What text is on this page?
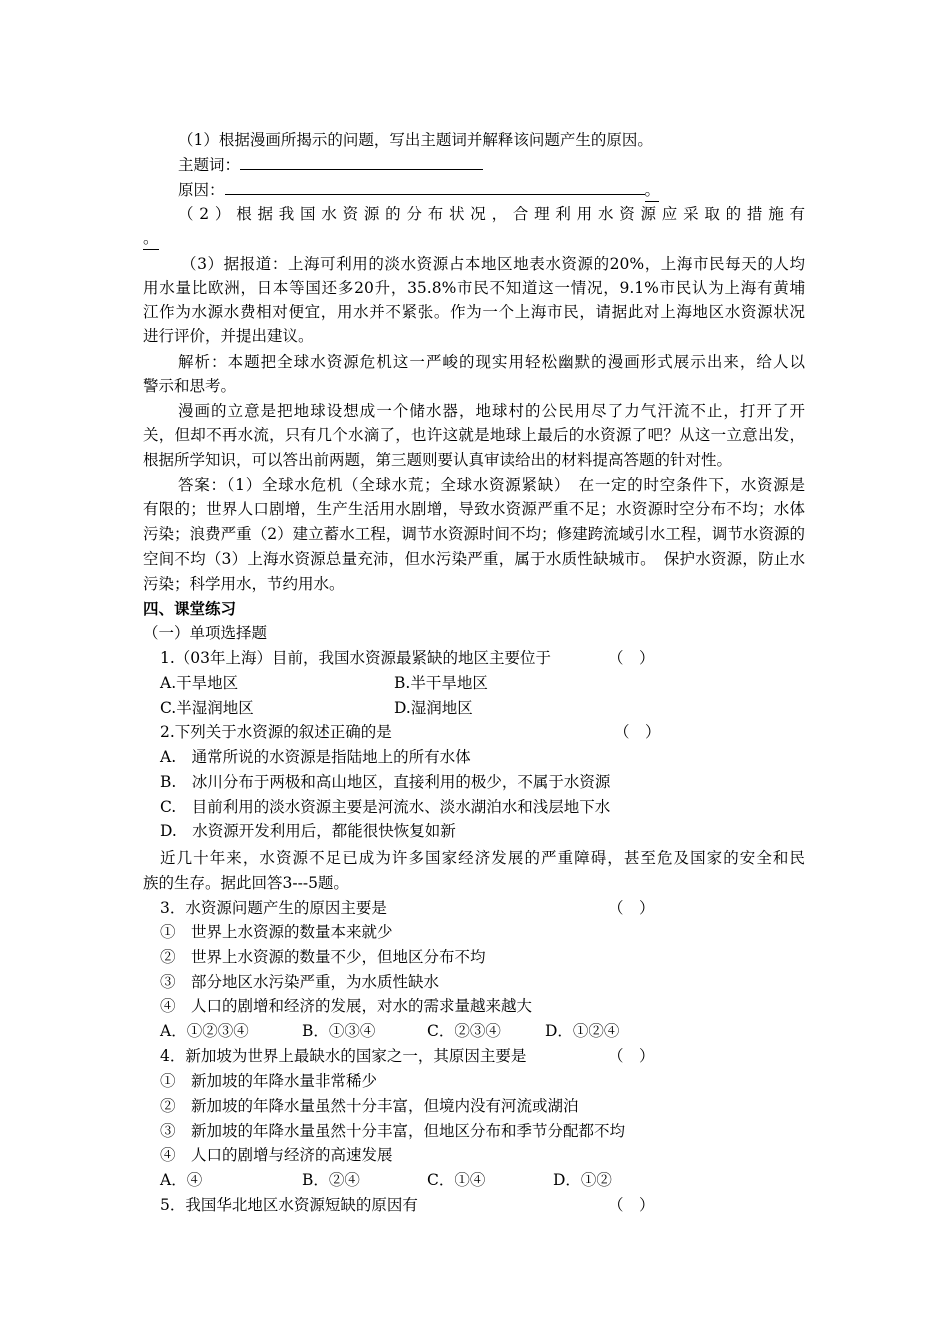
（1）根据漫画所揭示的问题，写出主题词并解释该问题产生的原因。
主题词：
原因：	。
（2）根据我国水资源的分布状况，合理利用水资源应采取的措施有
。
（3）据报道：上海可利用的淡水资源占本地区地表水资源的20%，上海市民每天的人均
用水量比欧洲，日本等国还多20升，35.8%市民不知道这一情况，9.1%市民认为上海有黄埔
江作为水源水费相对便宜，用水并不紧张。作为一个上海市民，请据此对上海地区水资源状况
进行评价，并提出建议。
解析：本题把全球水资源危机这一严峻的现实用轻松幽默的漫画形式展示出来，给人以
警示和思考。
漫画的立意是把地球设想成一个储水器，地球村的公民用尽了力气汗流不止，打开了开
关，但却不再水流，只有几个水滴了，也许这就是地球上最后的水资源了吧？从这一立意出发，
根据所学知识，可以答出前两题，第三题则要认真审读给出的材料提高答题的针对性。
答案：（1）全球水危机（全球水荒；全球水资源紧缺）　在一定的时空条件下，水资源是
有限的；世界人口剧增，生产生活用水剧增，导致水资源严重不足；水资源时空分布不均；水体
污染；浪费严重（2）建立蓄水工程，调节水资源时间不均；修建跨流域引水工程，调节水资源的
空间不均（3）上海水资源总量充沛，但水污染严重，属于水质性缺城市。　保护水资源，防止水
污染；科学用水，节约用水。
四、课堂练习
（一）单项选择题
1.（03年上海）目前，我国水资源最紧缺的地区主要位于	（　）
A.干旱地区	B.半干旱地区
C.半湿润地区	D.湿润地区
2.下列关于水资源的叙述正确的是	（　）
A.　通常所说的水资源是指陆地上的所有水体
B.　冰川分布于两极和高山地区，直接利用的极少，不属于水资源
C.　目前利用的淡水资源主要是河流水、淡水湖泊水和浅层地下水
D.　水资源开发利用后，都能很快恢复如新
近几十年来，水资源不足已成为许多国家经济发展的严重障碍，甚至危及国家的安全和民
族的生存。据此回答3---5题。
3．水资源问题产生的原因主要是	（　）
①　世界上水资源的数量本来就少
②　世界上水资源的数量不少，但地区分布不均
③　部分地区水污染严重，为水质性缺水
④　人口的剧增和经济的发展，对水的需求量越来越大
A．①②③④	B．①③④	C．②③④	D．①②④
4．新加坡为世界上最缺水的国家之一，其原因主要是	（　）
①　新加坡的年降水量非常稀少
②　新加坡的年降水量虽然十分丰富，但境内没有河流或湖泊
③　新加坡的年降水量虽然十分丰富，但地区分布和季节分配都不均
④　人口的剧增与经济的高速发展
A．④	B．②④	C．①④	D．①②
5．我国华北地区水资源短缺的原因有	（　）
